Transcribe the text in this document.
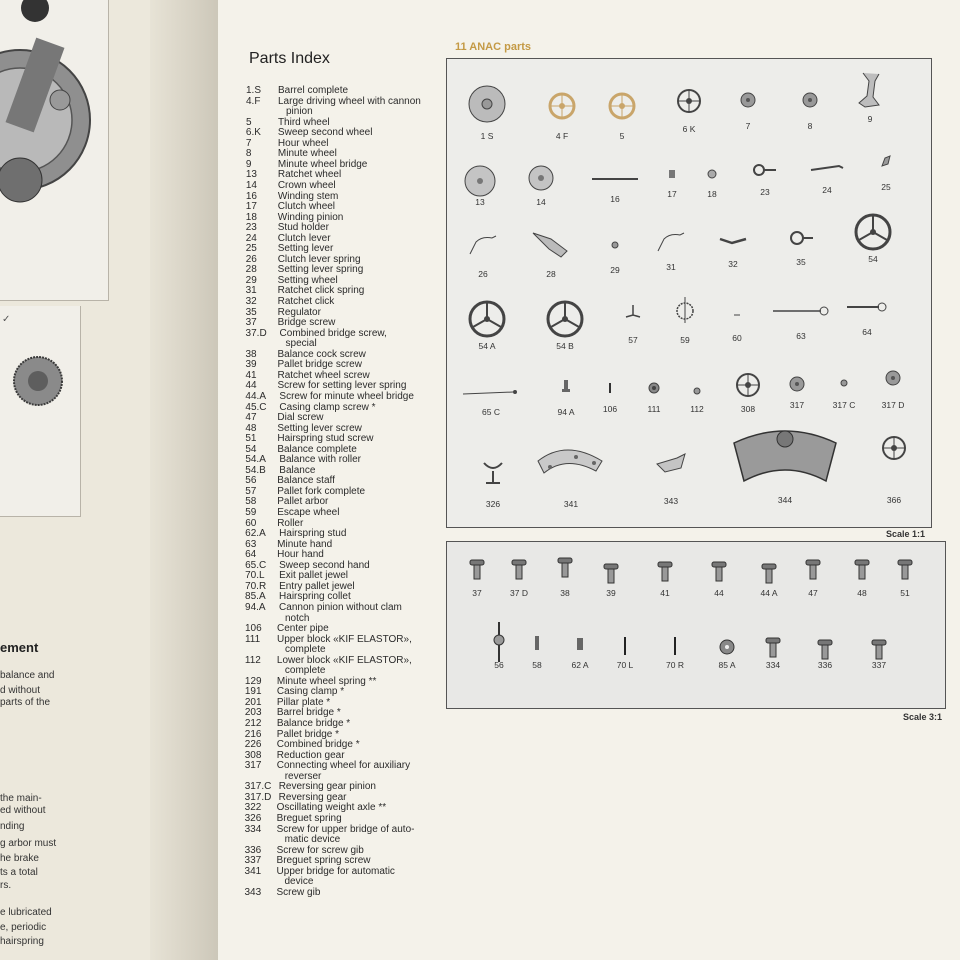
✓
ement
balance and
d without
parts of the
the main-
ed without
nding
g arbor must
he brake
ts a total
rs.
e lubricated
e, periodic
hairspring
Parts Index
1.S	Barrel complete
4.F	Large driving wheel with cannon
pinion
5	Third wheel
6.K	Sweep second wheel
7	Hour wheel
8	Minute wheel
9	Minute wheel bridge
13	Ratchet wheel
14	Crown wheel
16	Winding stem
17	Clutch wheel
18	Winding pinion
23	Stud holder
24	Clutch lever
25	Setting lever
26	Clutch lever spring
28	Setting lever spring
29	Setting wheel
31	Ratchet click spring
32	Ratchet click
35	Regulator
37	Bridge screw
37.D	Combined bridge screw,
special
38	Balance cock screw
39	Pallet bridge screw
41	Ratchet wheel screw
44	Screw for setting lever spring
44.A	Screw for minute wheel bridge
45.C	Casing clamp screw *
47	Dial screw
48	Setting lever screw
51	Hairspring stud screw
54	Balance complete
54.A	Balance with roller
54.B	Balance
56	Balance staff
57	Pallet fork complete
58	Pallet arbor
59	Escape wheel
60	Roller
62.A	Hairspring stud
63	Minute hand
64	Hour hand
65.C	Sweep second hand
70.L	Exit pallet jewel
70.R	Entry pallet jewel
85.A	Hairspring collet
94.A	Cannon pinion without clam
notch
106	Center pipe
111	Upper block «KIF ELASTOR»,
complete
112	Lower block «KIF ELASTOR»,
complete
129	Minute wheel spring **
191	Casing clamp *
201	Pillar plate *
203	Barrel bridge *
212	Balance bridge *
216	Pallet bridge *
226	Combined bridge *
308	Reduction gear
317	Connecting wheel for auxiliary
reverser
317.C Reversing gear pinion
317.D Reversing gear
322	Oscillating weight axle **
326	Breguet spring
334	Screw for upper bridge of auto-
matic device
336	Screw for screw gib
337	Breguet spring screw
341	Upper bridge for automatic
device
343	Screw gib
11 ANAC parts
1 S	4 F	5
6 K	7	8
9
13	14	16	17	18	23	24	25
26	28	29	31	32	35	54
54 A	54 B
57	59	60	63	64
65 C	94 A	106	111	112	308	317	317 C	317 D
326	341	343	344	366
Scale 1:1
37	37 D	38	39	41	44	44 A	47	48	51
56	58	62 A	70 L	70 R	85 A	334	336	337
Scale 3:1
